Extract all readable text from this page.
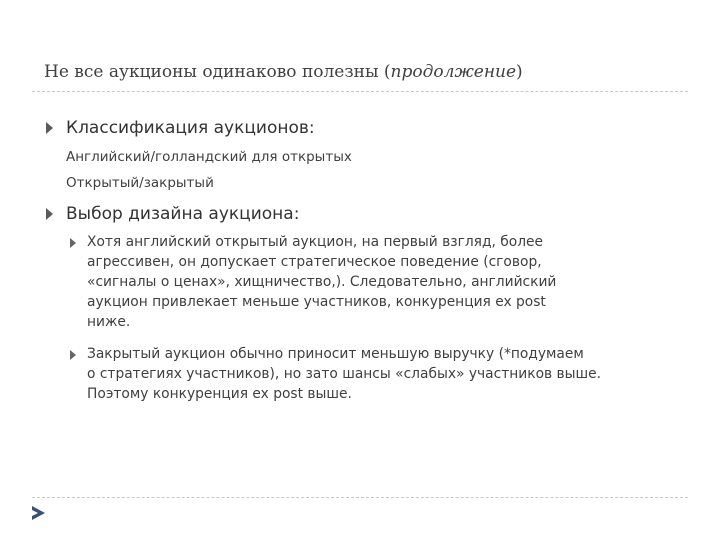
Не все аукционы одинаково полезны (продолжение)
Классификация аукционов:
Английский/голландский для открытых
Открытый/закрытый
Выбор дизайна аукциона:
Хотя английский открытый аукцион, на первый взгляд, более
агрессивен, он допускает стратегическое поведение (сговор,
«сигналы о ценах», хищничество,). Следовательно, английский
аукцион привлекает меньше участников, конкуренция ex post
ниже.
Закрытый аукцион обычно приносит меньшую выручку (*подумаем
о стратегиях участников), но зато шансы «слабых» участников выше.
Поэтому конкуренция ex post выше.
